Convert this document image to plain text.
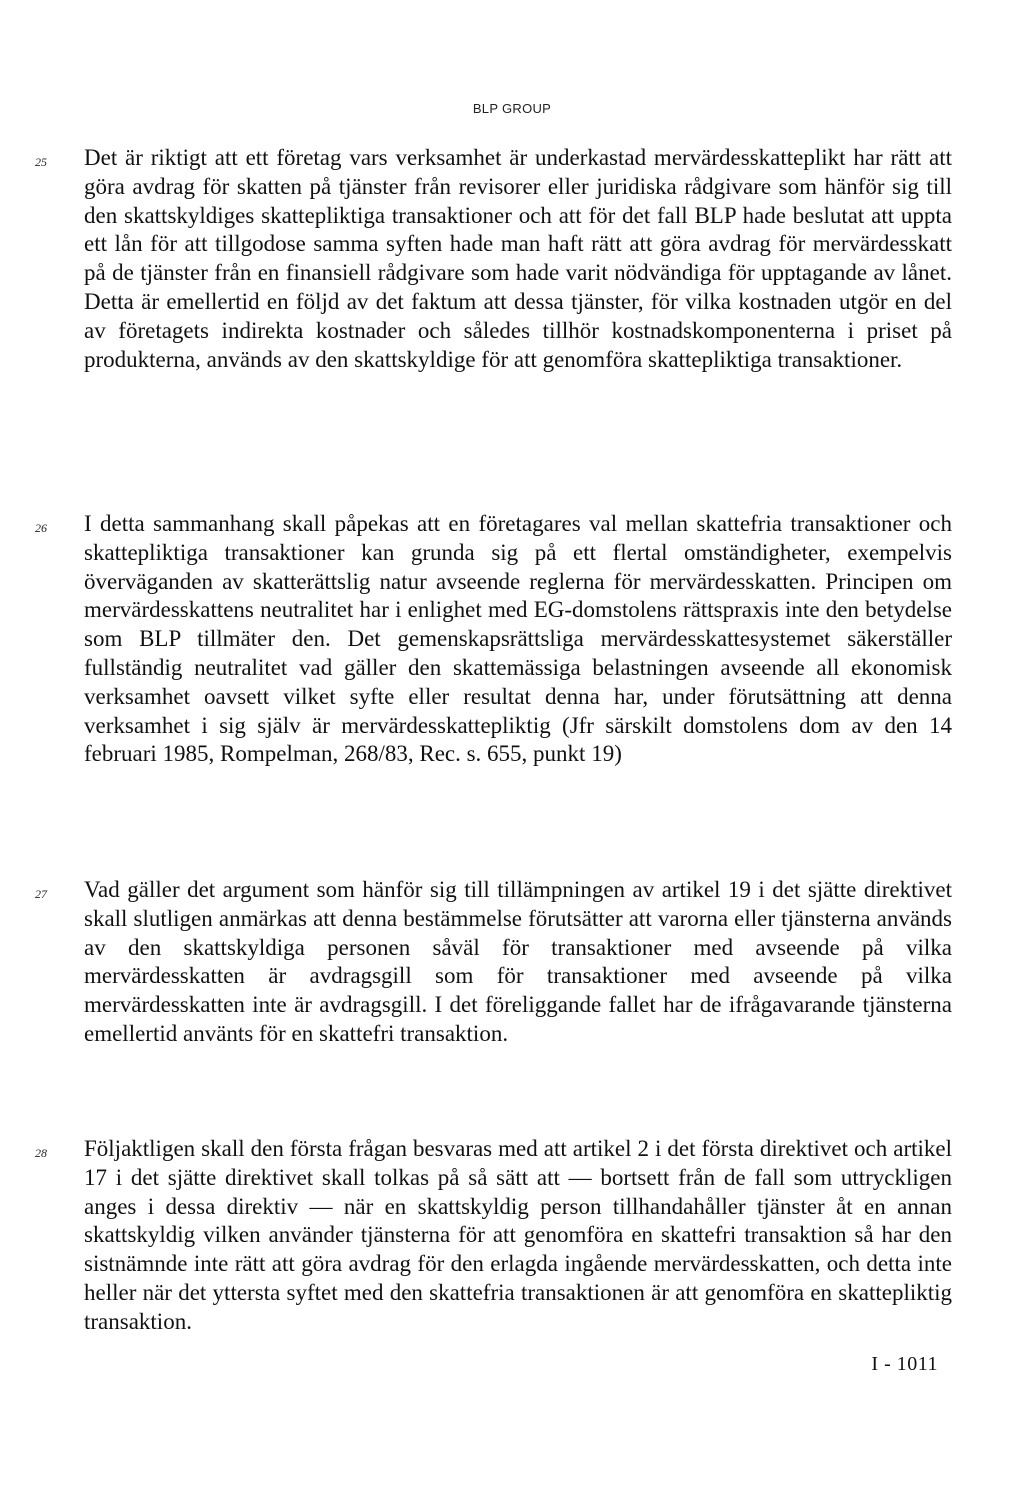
BLP GROUP
25 Det är riktigt att ett företag vars verksamhet är underkastad mervärdesskatteplikt har rätt att göra avdrag för skatten på tjänster från revisorer eller juridiska rådgivare som hänför sig till den skattskyldiges skattepliktiga transaktioner och att för det fall BLP hade beslutat att uppta ett lån för att tillgodose samma syften hade man haft rätt att göra avdrag för mervärdesskatt på de tjänster från en finansiell rådgivare som hade varit nödvändiga för upptagande av lånet. Detta är emellertid en följd av det faktum att dessa tjänster, för vilka kostnaden utgör en del av företagets indirekta kostnader och således tillhör kostnadskomponenterna i priset på produkterna, används av den skattskyldige för att genomföra skattepliktiga transaktioner.

26 I detta sammanhang skall påpekas att en företagares val mellan skattefria transaktioner och skattepliktiga transaktioner kan grunda sig på ett flertal omständigheter, exempelvis överväganden av skatterättslig natur avseende reglerna för mervärdesskatten. Principen om mervärdesskattens neutralitet har i enlighet med EG-domstolens rättspraxis inte den betydelse som BLP tillmäter den. Det gemenskapsrättsliga mervärdesskattesystemet säkerställer fullständig neutralitet vad gäller den skattemässiga belastningen avseende all ekonomisk verksamhet oavsett vilket syfte eller resultat denna har, under förutsättning att denna verksamhet i sig själv är mervärdesskattepliktig (Jfr särskilt domstolens dom av den 14 februari 1985, Rompelman, 268/83, Rec. s. 655, punkt 19)

27 Vad gäller det argument som hänför sig till tillämpningen av artikel 19 i det sjätte direktivet skall slutligen anmärkas att denna bestämmelse förutsätter att varorna eller tjänsterna används av den skattskyldiga personen såväl för transaktioner med avseende på vilka mervärdesskatten är avdragsgill som för transaktioner med avseende på vilka mervärdesskatten inte är avdragsgill. I det föreliggande fallet har de ifrågavarande tjänsterna emellertid använts för en skattefri transaktion.

28 Följaktligen skall den första frågan besvaras med att artikel 2 i det första direktivet och artikel 17 i det sjätte direktivet skall tolkas på så sätt att — bortsett från de fall som uttryckligen anges i dessa direktiv — när en skattskyldig person tillhandahåller tjänster åt en annan skattskyldig vilken använder tjänsterna för att genomföra en skattefri transaktion så har den sistnämnde inte rätt att göra avdrag för den erlagda ingående mervärdesskatten, och detta inte heller när det yttersta syftet med den skattefria transaktionen är att genomföra en skattepliktig transaktion.

I - 1011
